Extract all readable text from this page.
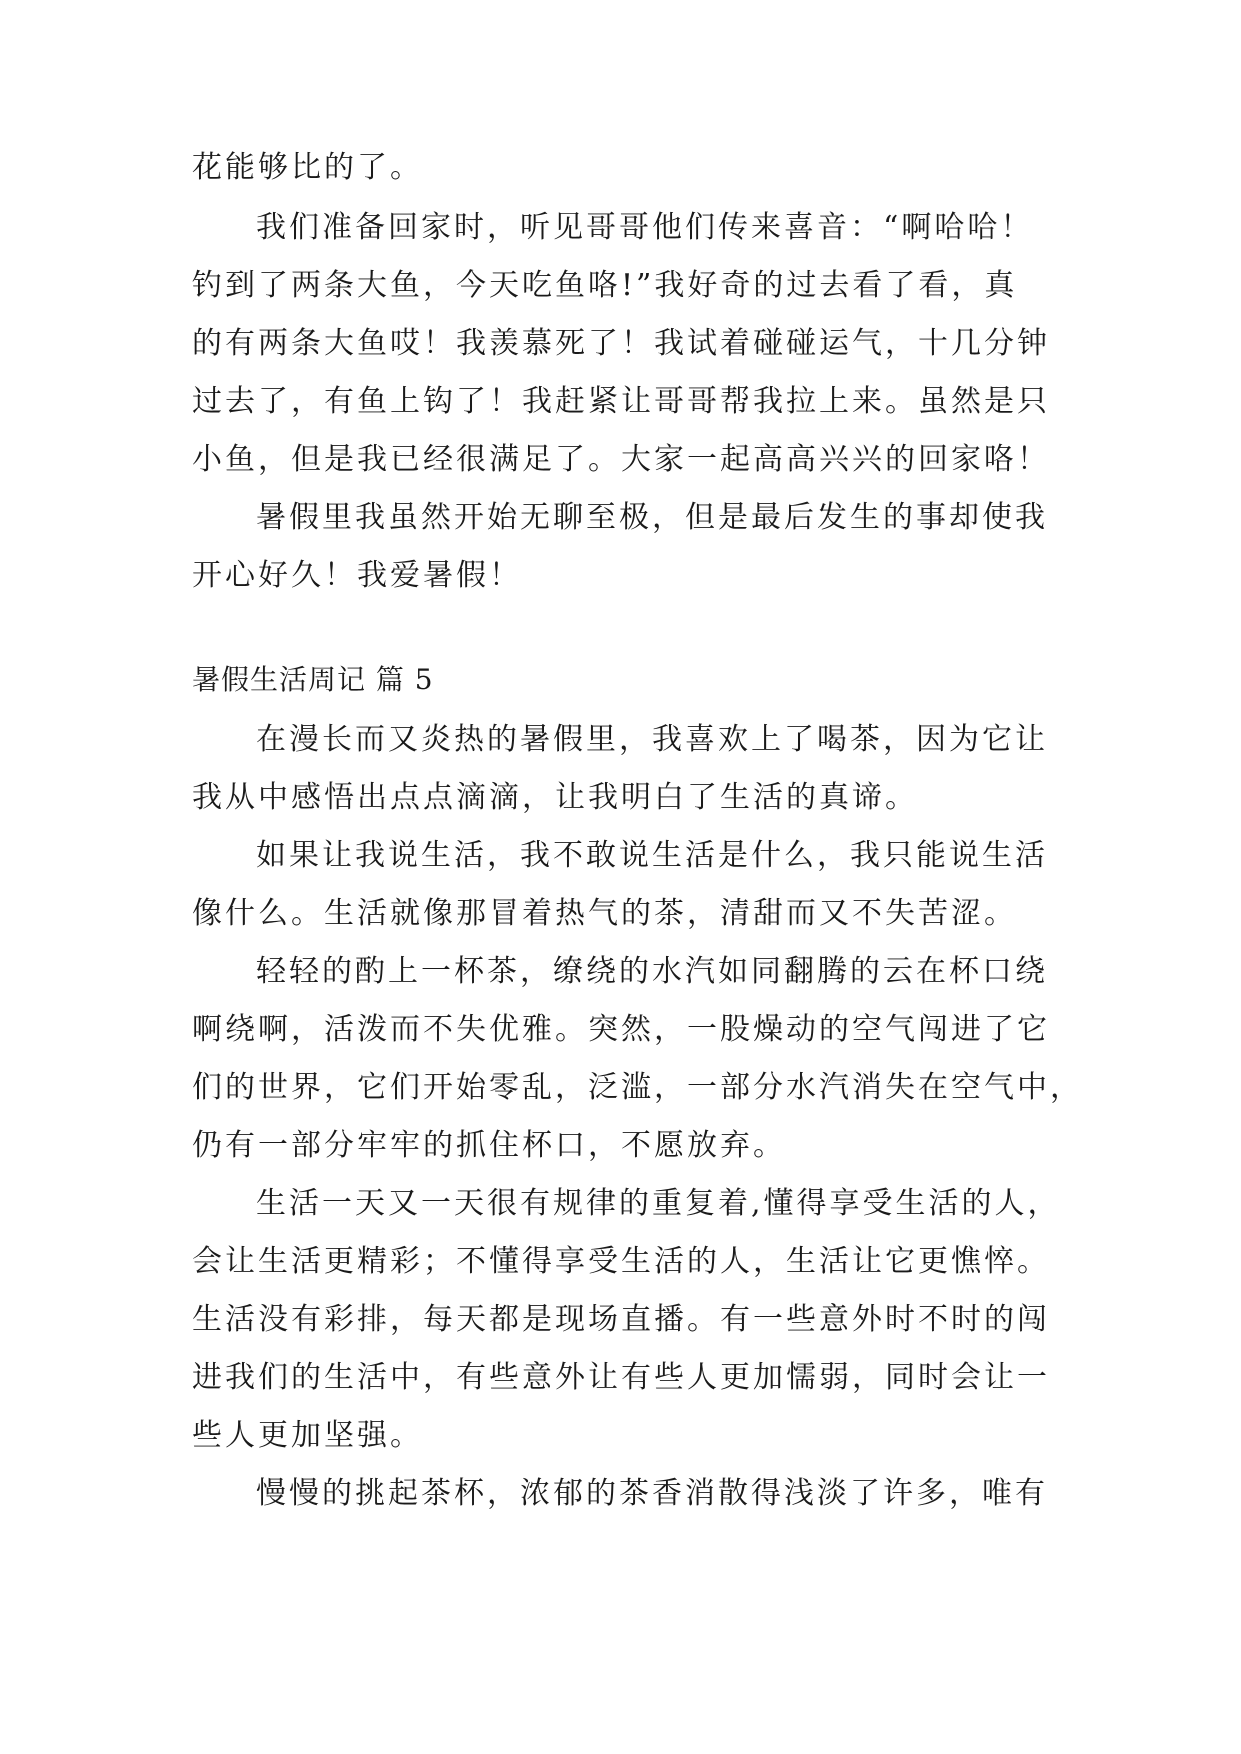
花能够比的了。
我们准备回家时，听见哥哥他们传来喜音：“啊哈哈！
钓到了两条大鱼，今天吃鱼咯!”我好奇的过去看了看，真
的有两条大鱼哎！我羡慕死了！我试着碰碰运气，十几分钟
过去了，有鱼上钩了！我赶紧让哥哥帮我拉上来。虽然是只
小鱼，但是我已经很满足了。大家一起高高兴兴的回家咯！
暑假里我虽然开始无聊至极，但是最后发生的事却使我
开心好久！我爱暑假！
暑假生活周记 篇 5
在漫长而又炎热的暑假里，我喜欢上了喝茶，因为它让
我从中感悟出点点滴滴，让我明白了生活的真谛。
如果让我说生活，我不敢说生活是什么，我只能说生活
像什么。生活就像那冒着热气的茶，清甜而又不失苦涩。
轻轻的酌上一杯茶，缭绕的水汽如同翻腾的云在杯口绕
啊绕啊，活泼而不失优雅。突然，一股燥动的空气闯进了它
们的世界，它们开始零乱，泛滥，一部分水汽消失在空气中，
仍有一部分牢牢的抓住杯口，不愿放弃。
生活一天又一天很有规律的重复着,懂得享受生活的人，
会让生活更精彩；不懂得享受生活的人，生活让它更憔悴。
生活没有彩排，每天都是现场直播。有一些意外时不时的闯
进我们的生活中，有些意外让有些人更加懦弱，同时会让一
些人更加坚强。
慢慢的挑起茶杯，浓郁的茶香消散得浅淡了许多，唯有
